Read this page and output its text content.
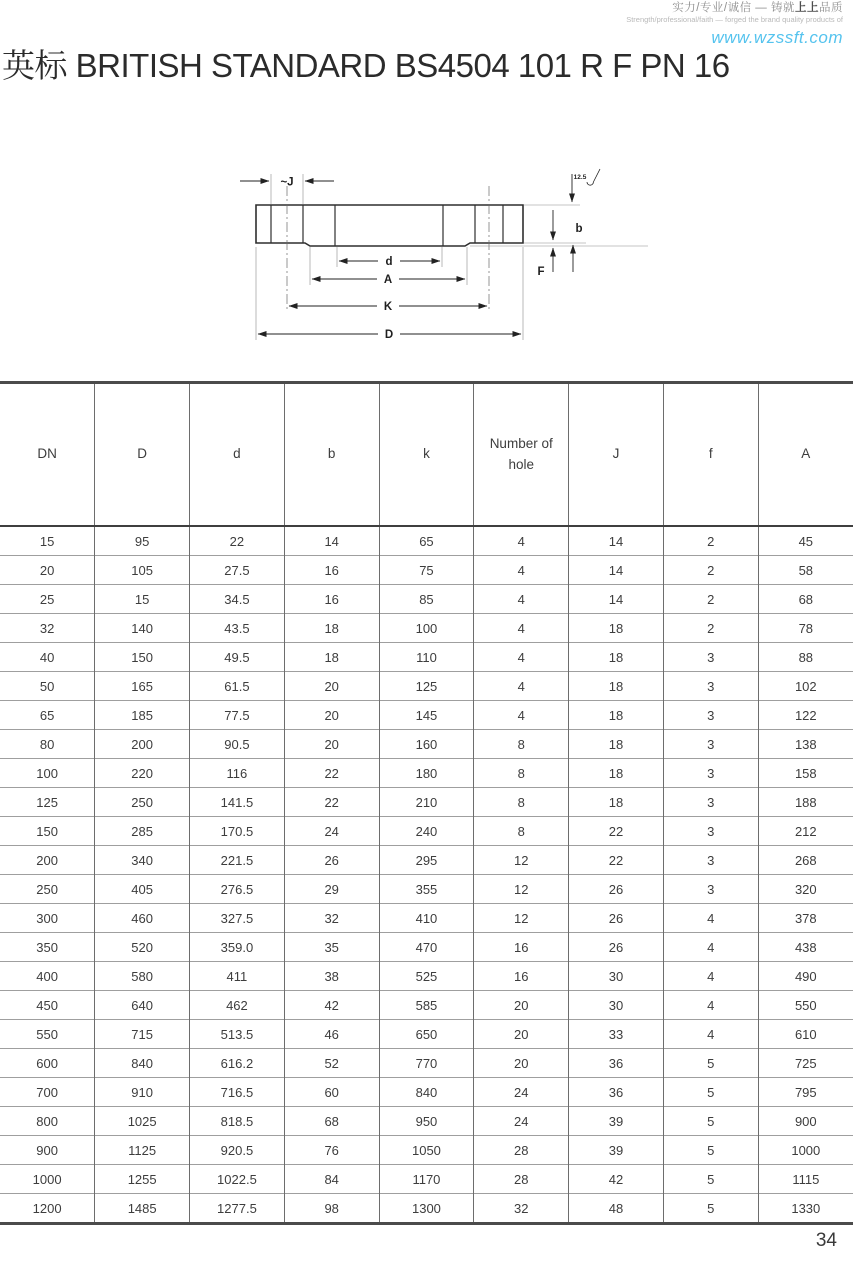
实力/专业/诚信 — 铸就上上品质
Strength/professional/faith — forged the brand quality products of
www.wzssft.com
英标 BRITISH STANDARD BS4504 101 R F PN 16
~J
d
A
K
D
b
F
12.5
DN	D	d	b	k	Number of hole	J	f	A
15	95	22	14	65	4	14	2	45
20	105	27.5	16	75	4	14	2	58
25	15	34.5	16	85	4	14	2	68
32	140	43.5	18	100	4	18	2	78
40	150	49.5	18	110	4	18	3	88
50	165	61.5	20	125	4	18	3	102
65	185	77.5	20	145	4	18	3	122
80	200	90.5	20	160	8	18	3	138
100	220	116	22	180	8	18	3	158
125	250	141.5	22	210	8	18	3	188
150	285	170.5	24	240	8	22	3	212
200	340	221.5	26	295	12	22	3	268
250	405	276.5	29	355	12	26	3	320
300	460	327.5	32	410	12	26	4	378
350	520	359.0	35	470	16	26	4	438
400	580	411	38	525	16	30	4	490
450	640	462	42	585	20	30	4	550
550	715	513.5	46	650	20	33	4	610
600	840	616.2	52	770	20	36	5	725
700	910	716.5	60	840	24	36	5	795
800	1025	818.5	68	950	24	39	5	900
900	1125	920.5	76	1050	28	39	5	1000
1000	1255	1022.5	84	1170	28	42	5	1115
1200	1485	1277.5	98	1300	32	48	5	1330
34
